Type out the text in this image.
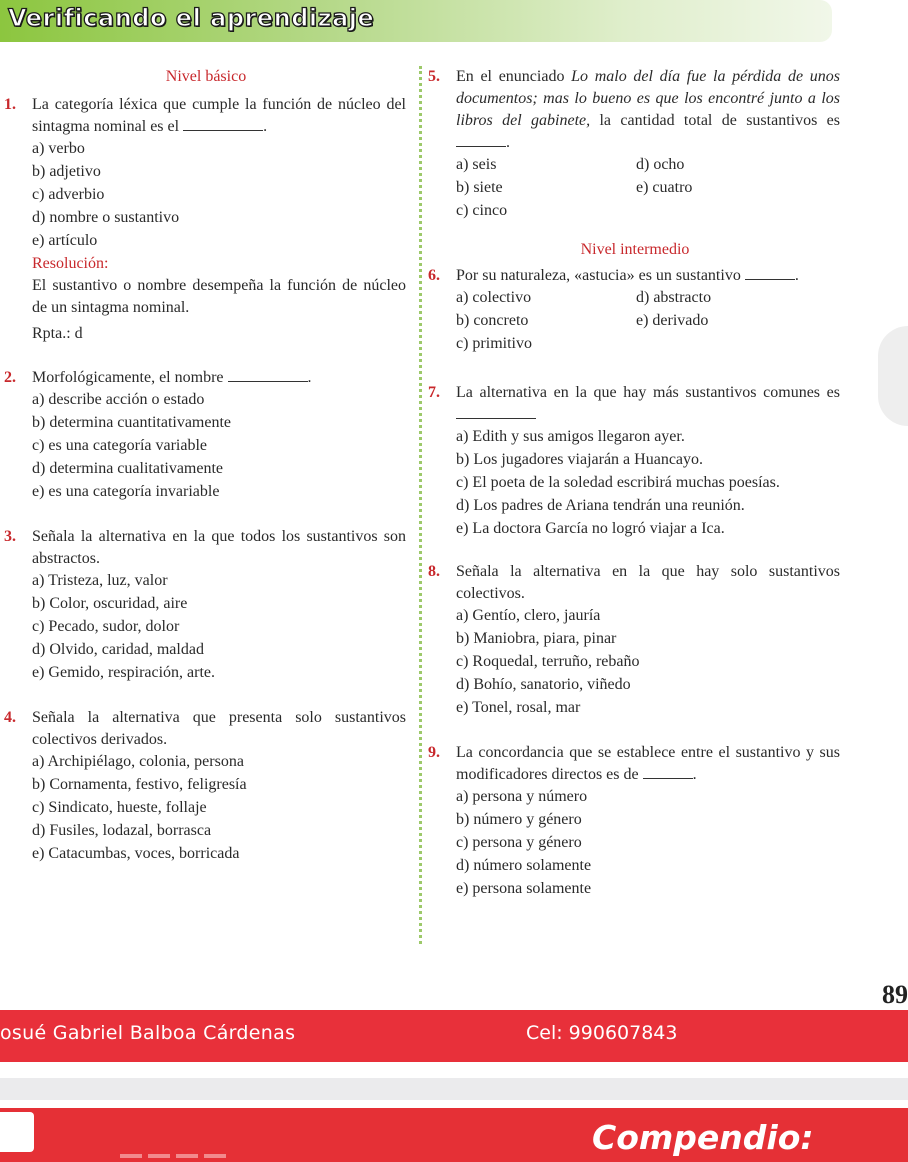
Verificando el aprendizaje
Nivel básico
1.	La categoría léxica que cumple la función de núcleo del sintagma nominal es el	.
a) verbo
b) adjetivo
c) adverbio
d) nombre o sustantivo
e) artículo
Resolución:
El sustantivo o nombre desempeña la función de núcleo de un sintagma nominal.
Rpta.: d
2.	Morfológicamente, el nombre	.
a) describe acción o estado
b) determina cuantitativamente
c) es una categoría variable
d) determina cualitativamente
e) es una categoría invariable
3.	Señala la alternativa en la que todos los sustantivos son abstractos.
a) Tristeza, luz, valor
b) Color, oscuridad, aire
c) Pecado, sudor, dolor
d) Olvido, caridad, maldad
e) Gemido, respiración, arte.
4.	Señala la alternativa que presenta solo sustantivos colectivos derivados.
a) Archipiélago, colonia, persona
b) Cornamenta, festivo, feligresía
c) Sindicato, hueste, follaje
d) Fusiles, lodazal, borrasca
e) Catacumbas, voces, borricada
5.	En el enunciado Lo malo del día fue la pérdida de unos documentos; mas lo bueno es que los encontré junto a los libros del gabinete, la cantidad total de sustantivos es .
a) seis	d) ocho
b) siete	e) cuatro
c) cinco
Nivel intermedio
6.	Por su naturaleza, «astucia» es un sustantivo	.
a) colectivo	d) abstracto
b) concreto	e) derivado
c) primitivo
7.	La alternativa en la que hay más sustantivos comunes es
a) Edith y sus amigos llegaron ayer.
b) Los jugadores viajarán a Huancayo.
c) El poeta de la soledad escribirá muchas poesías.
d) Los padres de Ariana tendrán una reunión.
e) La doctora García no logró viajar a Ica.
8.	Señala la alternativa en la que hay solo sustantivos colectivos.
a) Gentío, clero, jauría
b) Maniobra, piara, pinar
c) Roquedal, terruño, rebaño
d) Bohío, sanatorio, viñedo
e) Tonel, rosal, mar
9.	La concordancia que se establece entre el sustantivo y sus modificadores directos es de	.
a) persona y número
b) número y género
c) persona y género
d) número solamente
e) persona solamente
89
osué Gabriel Balboa Cárdenas	Cel: 990607843
Compendio:
